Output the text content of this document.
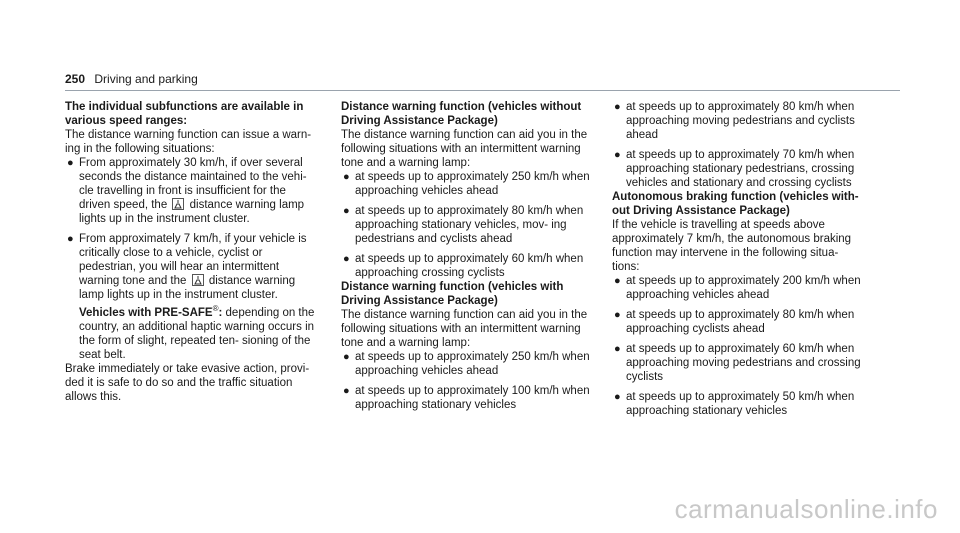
250 Driving and parking

The individual subfunctions are available in various speed ranges:

The distance warning function can issue a warn- ing in the following situations:

● From approximately 30 km/h, if over several seconds the distance maintained to the vehi- cle travelling in front is insufficient for the driven speed, the distance warning lamp lights up in the instrument cluster.
● From approximately 7 km/h, if your vehicle is critically close to a vehicle, cyclist or pedestrian, you will hear an intermittent warning tone and the distance warning lamp lights up in the instrument cluster.

Vehicles with PRE-SAFE®: depending on the country, an additional haptic warning occurs in the form of slight, repeated ten- sioning of the seat belt.

Brake immediately or take evasive action, provi- ded it is safe to do so and the traffic situation allows this.

Distance warning function (vehicles without Driving Assistance Package)

The distance warning function can aid you in the following situations with an intermittent warning tone and a warning lamp:

● at speeds up to approximately 250 km/h when approaching vehicles ahead
● at speeds up to approximately 80 km/h when approaching stationary vehicles, mov- ing pedestrians and cyclists ahead
● at speeds up to approximately 60 km/h when approaching crossing cyclists

Distance warning function (vehicles with Driving Assistance Package)

The distance warning function can aid you in the following situations with an intermittent warning tone and a warning lamp:

● at speeds up to approximately 250 km/h when approaching vehicles ahead
● at speeds up to approximately 100 km/h when approaching stationary vehicles
● at speeds up to approximately 80 km/h when approaching moving pedestrians and cyclists ahead
● at speeds up to approximately 70 km/h when approaching stationary pedestrians, crossing vehicles and stationary and crossing cyclists

Autonomous braking function (vehicles with- out Driving Assistance Package)

If the vehicle is travelling at speeds above approximately 7 km/h, the autonomous braking function may intervene in the following situa- tions:

● at speeds up to approximately 200 km/h when approaching vehicles ahead
● at speeds up to approximately 80 km/h when approaching cyclists ahead
● at speeds up to approximately 60 km/h when approaching moving pedestrians and crossing cyclists
● at speeds up to approximately 50 km/h when approaching stationary vehicles
carmanualsonline.info
